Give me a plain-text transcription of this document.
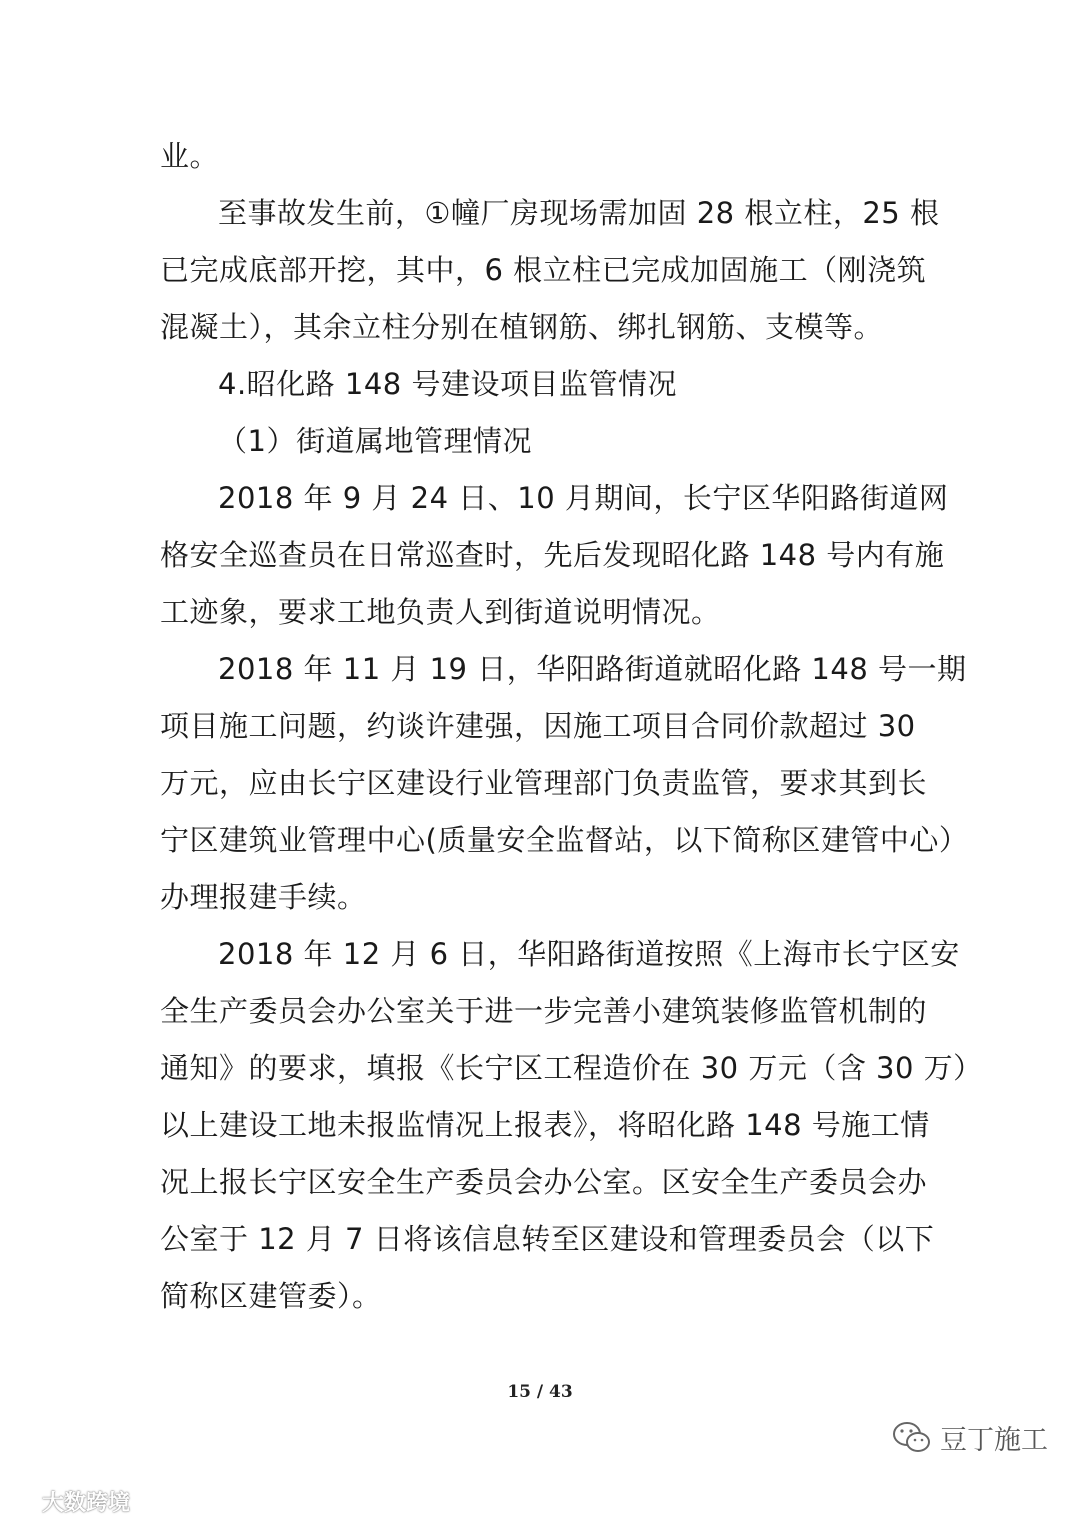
业。
至事故发生前，①幢厂房现场需加固 28 根立柱，25 根
已完成底部开挖，其中，6 根立柱已完成加固施工（刚浇筑
混凝土），其余立柱分别在植钢筋、绑扎钢筋、支模等。
4.昭化路 148 号建设项目监管情况
（1）街道属地管理情况
2018 年 9 月 24 日、10 月期间，长宁区华阳路街道网
格安全巡查员在日常巡查时，先后发现昭化路 148 号内有施
工迹象，要求工地负责人到街道说明情况。
2018 年 11 月 19 日，华阳路街道就昭化路 148 号一期
项目施工问题，约谈许建强，因施工项目合同价款超过 30
万元，应由长宁区建设行业管理部门负责监管，要求其到长
宁区建筑业管理中心(质量安全监督站，以下简称区建管中心）
办理报建手续。
2018 年 12 月 6 日，华阳路街道按照《上海市长宁区安
全生产委员会办公室关于进一步完善小建筑装修监管机制的
通知》的要求，填报《长宁区工程造价在 30 万元（含 30 万）
以上建设工地未报监情况上报表》，将昭化路 148 号施工情
况上报长宁区安全生产委员会办公室。区安全生产委员会办
公室于 12 月 7 日将该信息转至区建设和管理委员会（以下
简称区建管委）。
15 / 43
大数跨境
豆丁施工
